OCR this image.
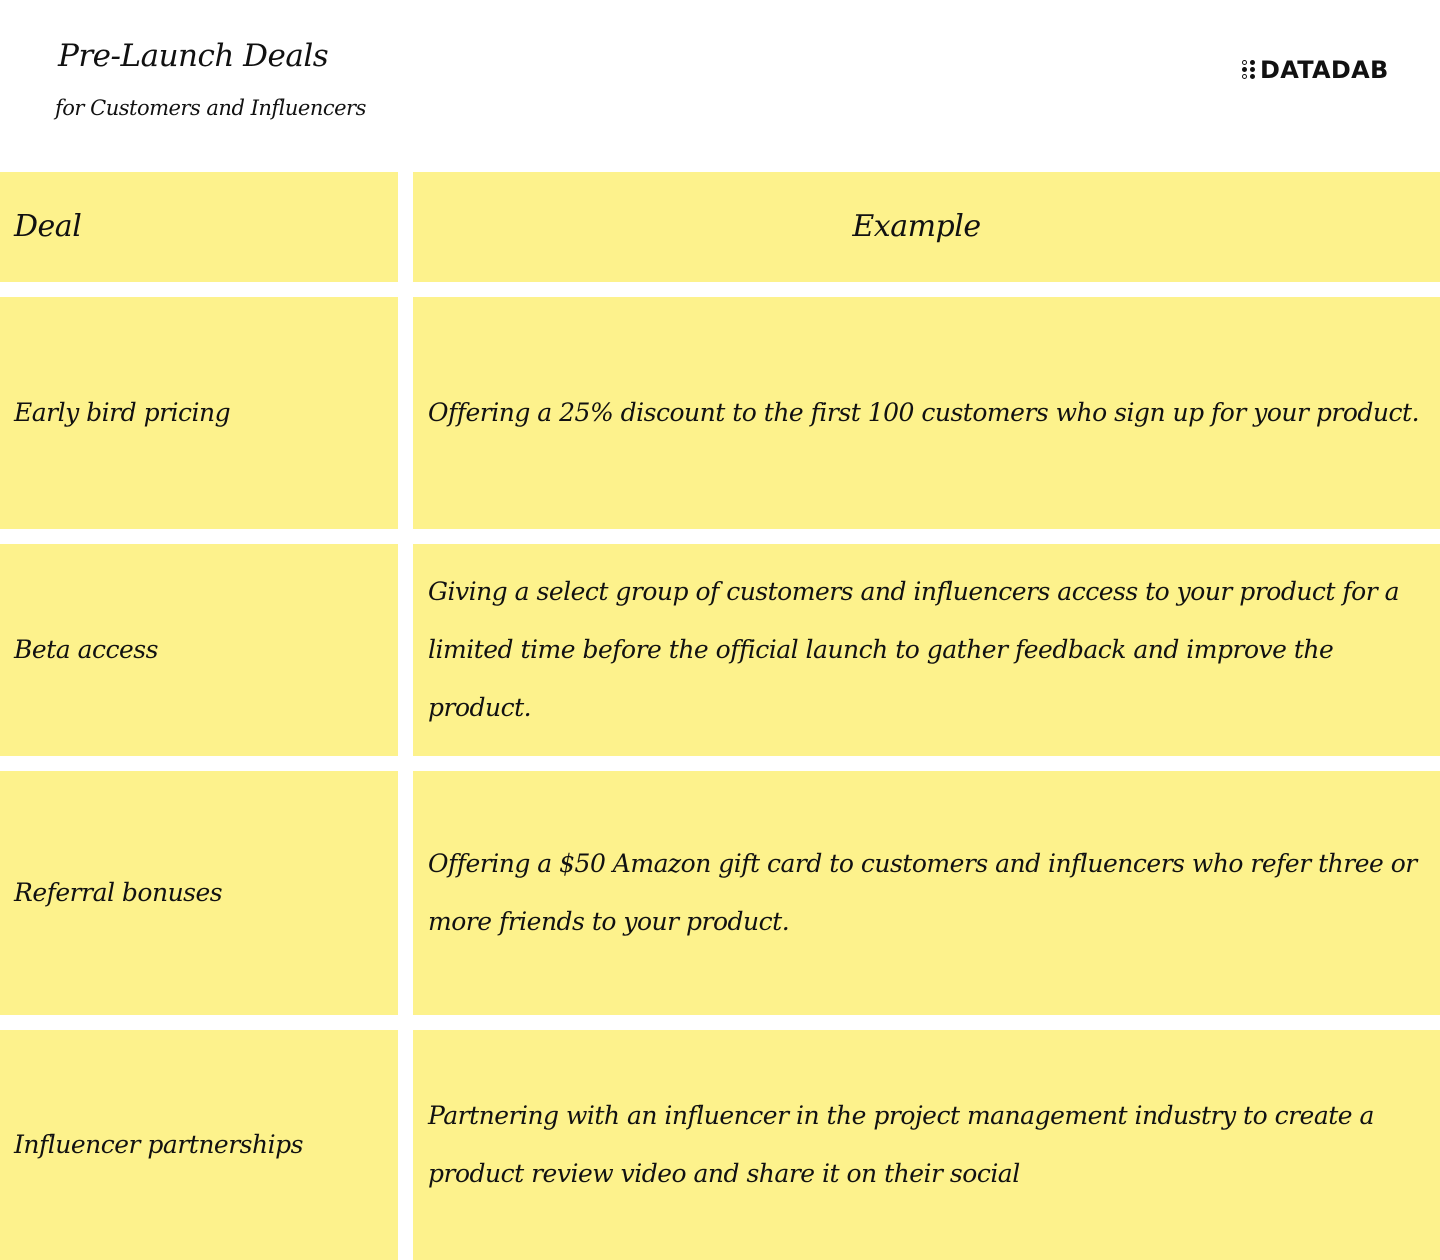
Pre-Launch Deals
for Customers and Influencers
DATADAB
Deal	Example
Early bird pricing	Offering a 25% discount to the first 100 customers who sign up for your product.
Beta access
Giving a select group of customers and influencers access to your product for a limited time before the official launch to gather feedback and improve the product.
Referral bonuses
Offering a $50 Amazon gift card to customers and influencers who refer three or more friends to your product.
Influencer partnerships
Partnering with an influencer in the project management industry to create a product review video and share it on their social
